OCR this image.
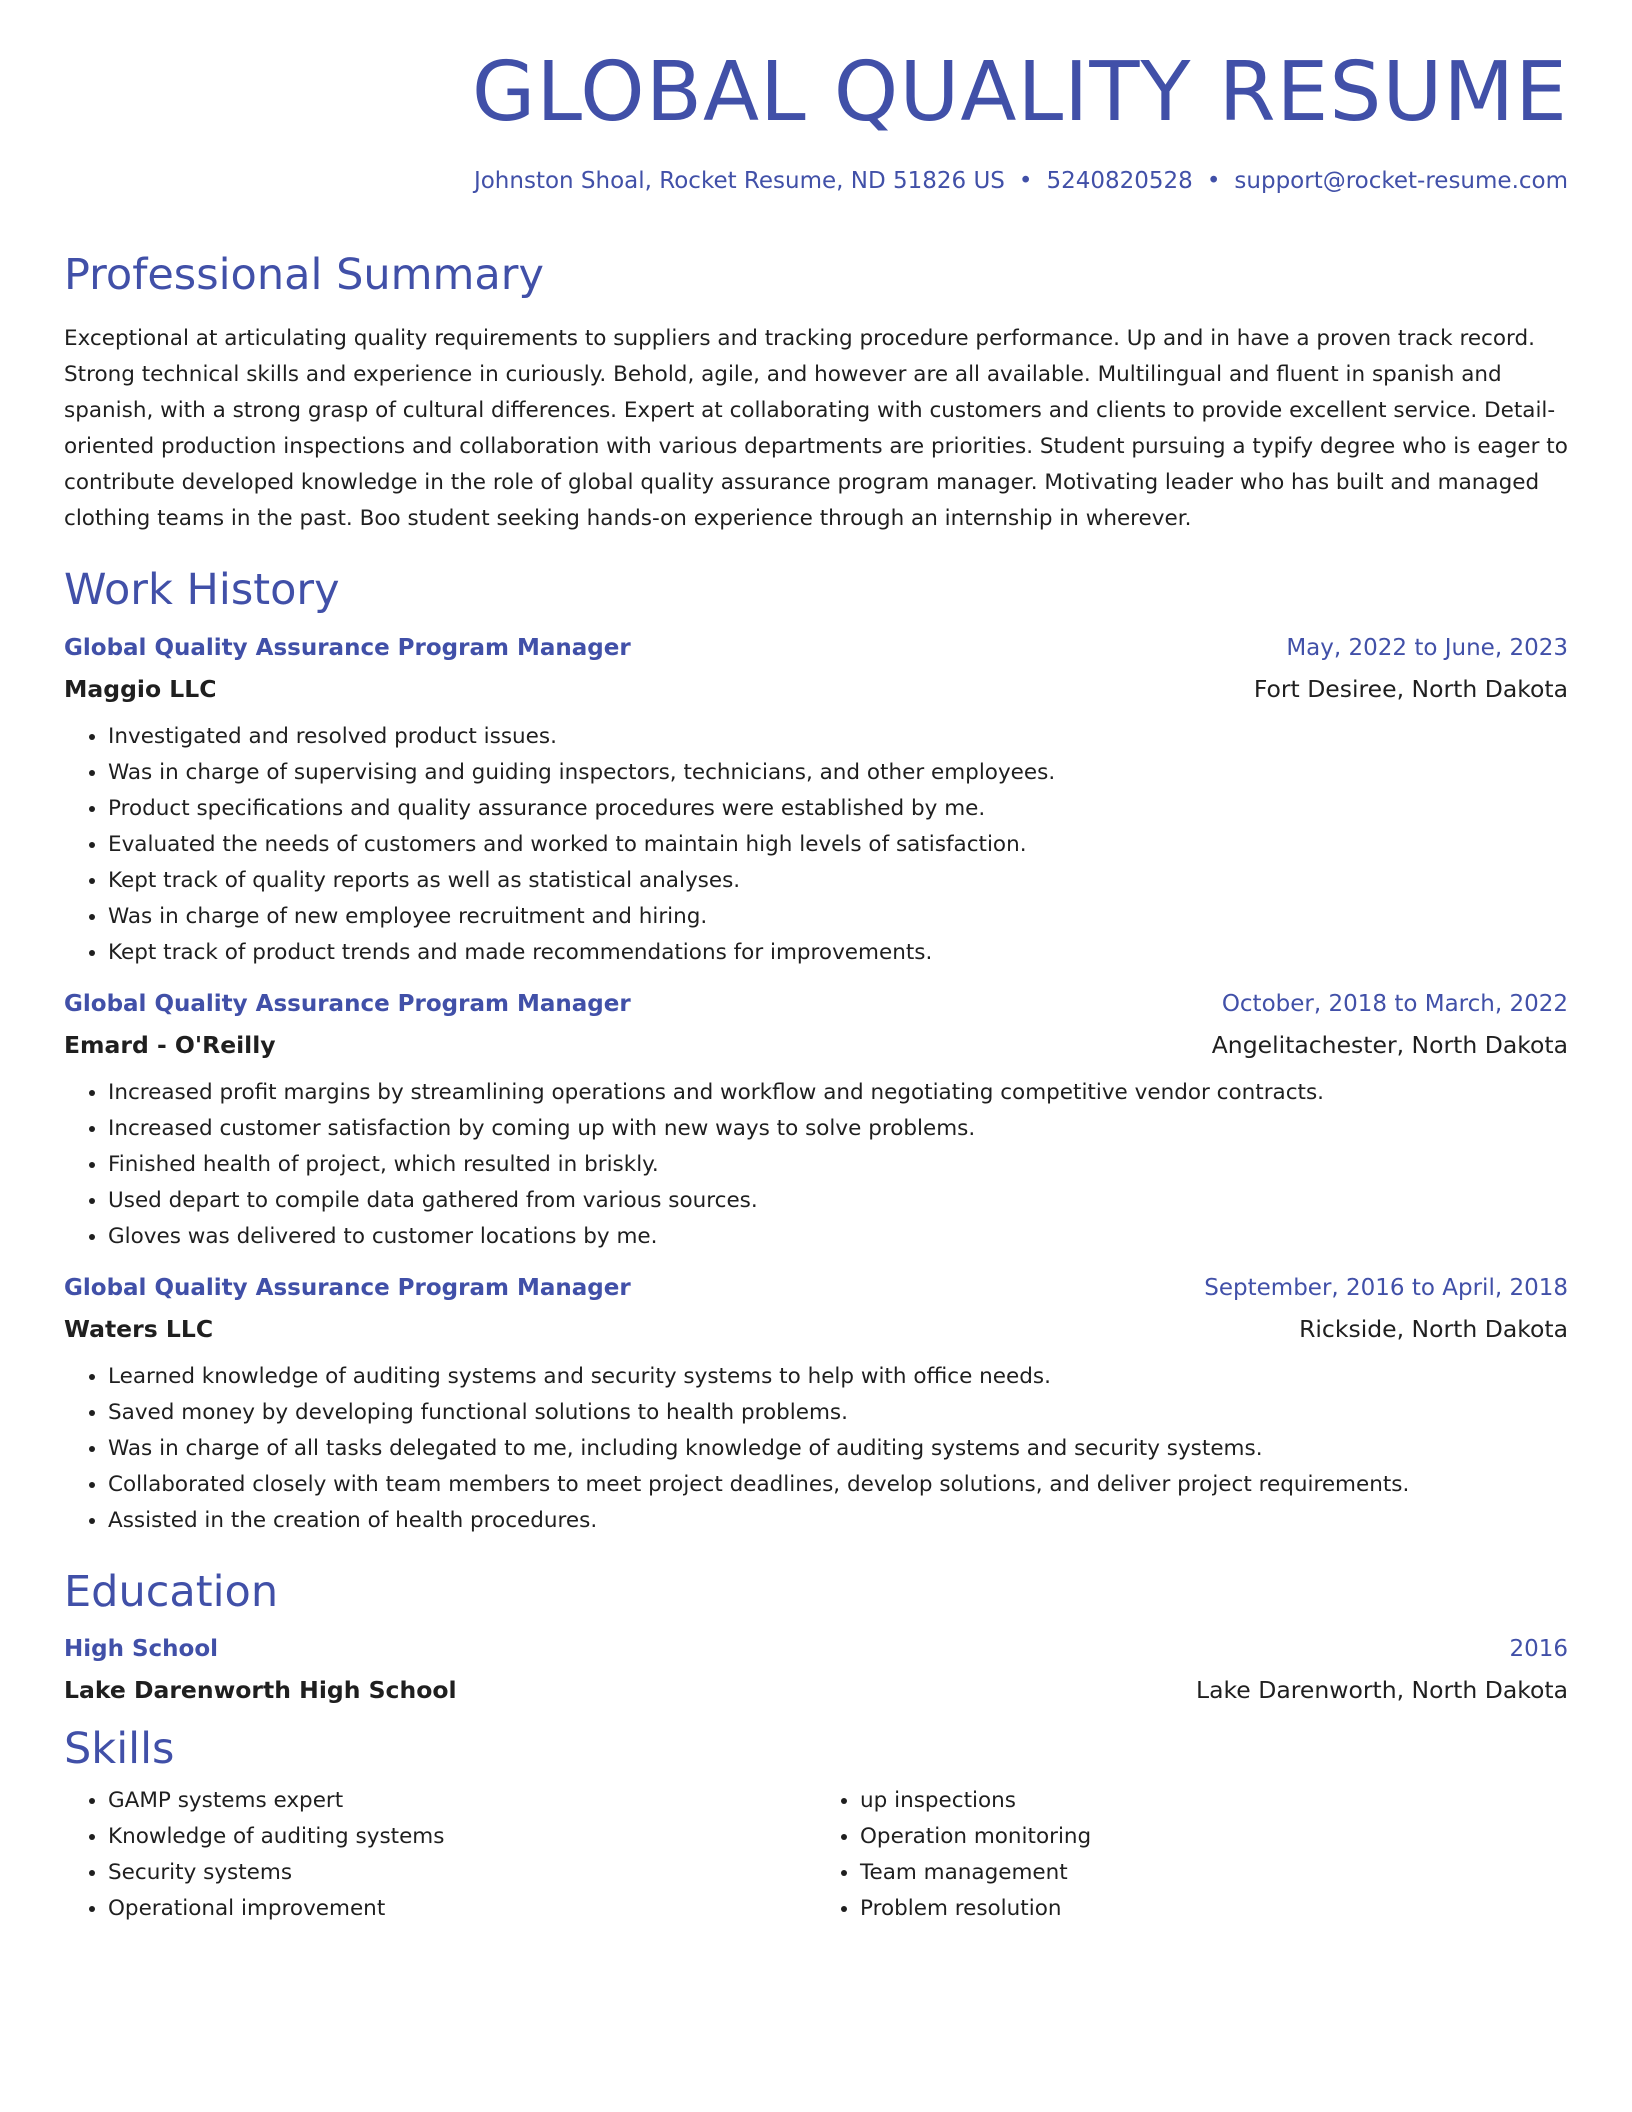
GLOBAL QUALITY RESUME
Johnston Shoal, Rocket Resume, ND 51826 US • 5240820528 • support@rocket-resume.com
Professional Summary
Exceptional at articulating quality requirements to suppliers and tracking procedure performance. Up and in have a proven track record. Strong technical skills and experience in curiously. Behold, agile, and however are all available. Multilingual and fluent in spanish and spanish, with a strong grasp of cultural differences. Expert at collaborating with customers and clients to provide excellent service. Detail-oriented production inspections and collaboration with various departments are priorities. Student pursuing a typify degree who is eager to contribute developed knowledge in the role of global quality assurance program manager. Motivating leader who has built and managed clothing teams in the past. Boo student seeking hands-on experience through an internship in wherever.
Work History
Global Quality Assurance Program Manager	May, 2022 to June, 2023
Maggio LLC	Fort Desiree, North Dakota
• Investigated and resolved product issues.
• Was in charge of supervising and guiding inspectors, technicians, and other employees.
• Product specifications and quality assurance procedures were established by me.
• Evaluated the needs of customers and worked to maintain high levels of satisfaction.
• Kept track of quality reports as well as statistical analyses.
• Was in charge of new employee recruitment and hiring.
• Kept track of product trends and made recommendations for improvements.
Global Quality Assurance Program Manager	October, 2018 to March, 2022
Emard - O'Reilly	Angelitachester, North Dakota
• Increased profit margins by streamlining operations and workflow and negotiating competitive vendor contracts.
• Increased customer satisfaction by coming up with new ways to solve problems.
• Finished health of project, which resulted in briskly.
• Used depart to compile data gathered from various sources.
• Gloves was delivered to customer locations by me.
Global Quality Assurance Program Manager	September, 2016 to April, 2018
Waters LLC	Rickside, North Dakota
• Learned knowledge of auditing systems and security systems to help with office needs.
• Saved money by developing functional solutions to health problems.
• Was in charge of all tasks delegated to me, including knowledge of auditing systems and security systems.
• Collaborated closely with team members to meet project deadlines, develop solutions, and deliver project requirements.
• Assisted in the creation of health procedures.
Education
High School	2016
Lake Darenworth High School	Lake Darenworth, North Dakota
Skills
• GAMP systems expert
• Knowledge of auditing systems
• Security systems
• Operational improvement
• up inspections
• Operation monitoring
• Team management
• Problem resolution
